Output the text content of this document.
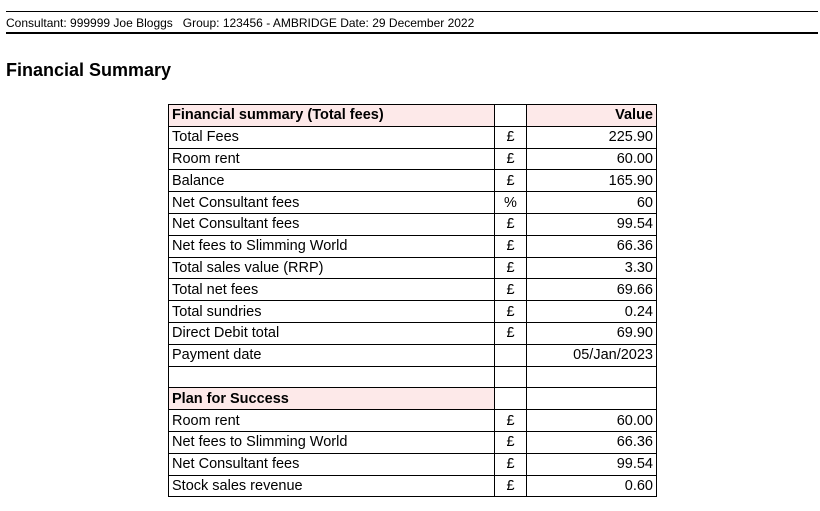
Consultant: 999999 Joe Bloggs Group: 123456 - AMBRIDGE Date: 29 December 2022
Financial Summary
Financial summary (Total fees)		Value
Total Fees	£	225.90
Room rent	£	60.00
Balance	£	165.90
Net Consultant fees	%	60
Net Consultant fees	£	99.54
Net fees to Slimming World	£	66.36
Total sales value (RRP)	£	3.30
Total net fees	£	69.66
Total sundries	£	0.24
Direct Debit total	£	69.90
Payment date		05/Jan/2023

Plan for Success		
Room rent	£	60.00
Net fees to Slimming World	£	66.36
Net Consultant fees	£	99.54
Stock sales revenue	£	0.60
